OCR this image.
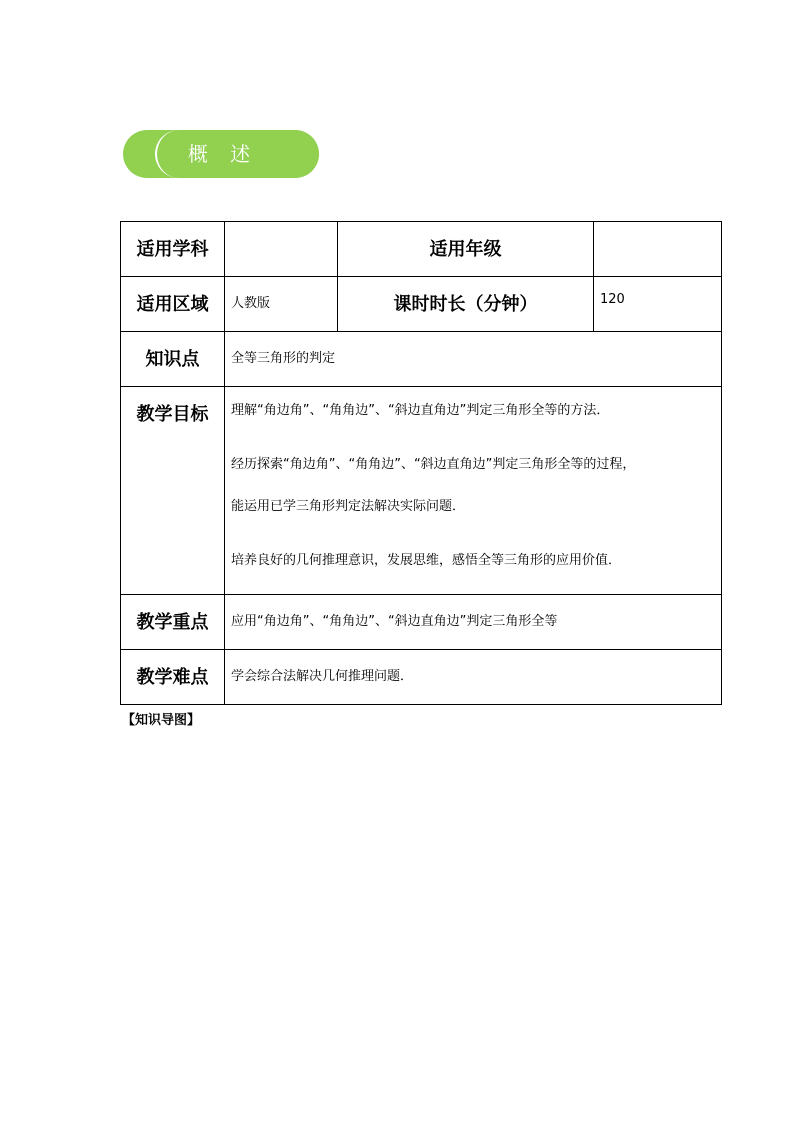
概 述
适用学科		适用年级	
适用区域	人教版	课时时长（分钟）	120
知识点	全等三角形的判定		
教学目标	理解“角边角”、“角角边”、“斜边直角边”判定三角形全等的方法．
经历探索“角边角”、“角角边”、“斜边直角边”判定三角形全等的过程，
能运用已学三角形判定法解决实际问题．
培养良好的几何推理意识，发展思维，感悟全等三角形的应用价值．		

教学重点	应用“角边角”、“角角边”、“斜边直角边”判定三角形全等		
教学难点	学会综合法解决几何推理问题．		
【知识导图】
